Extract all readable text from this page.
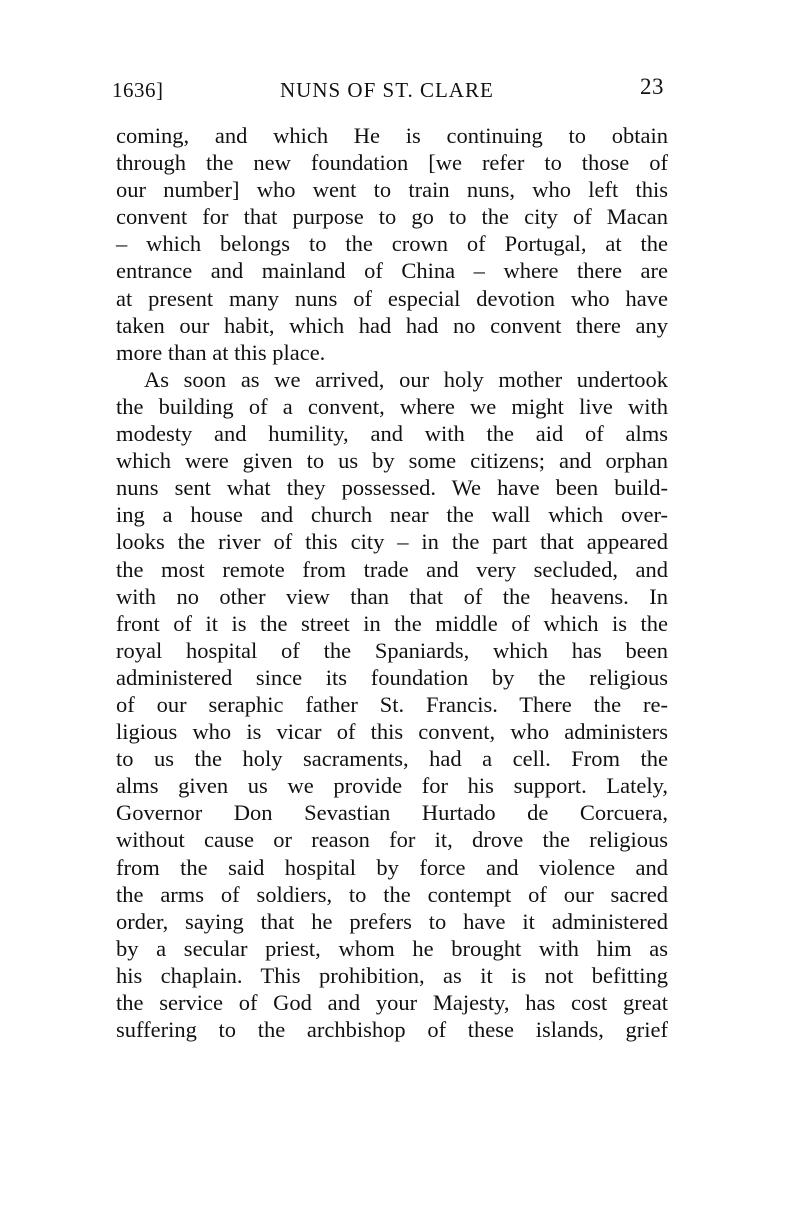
1636]	NUNS OF ST. CLARE	23
coming, and which He is continuing to obtain
through the new foundation [we refer to those of
our number] who went to train nuns, who left this
convent for that purpose to go to the city of Macan
– which belongs to the crown of Portugal, at the
entrance and mainland of China – where there are
at present many nuns of especial devotion who have
taken our habit, which had had no convent there any
more than at this place.
As soon as we arrived, our holy mother undertook
the building of a convent, where we might live with
modesty and humility, and with the aid of alms
which were given to us by some citizens; and orphan
nuns sent what they possessed. We have been build-
ing a house and church near the wall which over-
looks the river of this city – in the part that appeared
the most remote from trade and very secluded, and
with no other view than that of the heavens. In
front of it is the street in the middle of which is the
royal hospital of the Spaniards, which has been
administered since its foundation by the religious
of our seraphic father St. Francis. There the re-
ligious who is vicar of this convent, who administers
to us the holy sacraments, had a cell. From the
alms given us we provide for his support. Lately,
Governor Don Sevastian Hurtado de Corcuera,
without cause or reason for it, drove the religious
from the said hospital by force and violence and
the arms of soldiers, to the contempt of our sacred
order, saying that he prefers to have it administered
by a secular priest, whom he brought with him as
his chaplain. This prohibition, as it is not befitting
the service of God and your Majesty, has cost great
suffering to the archbishop of these islands, grief
